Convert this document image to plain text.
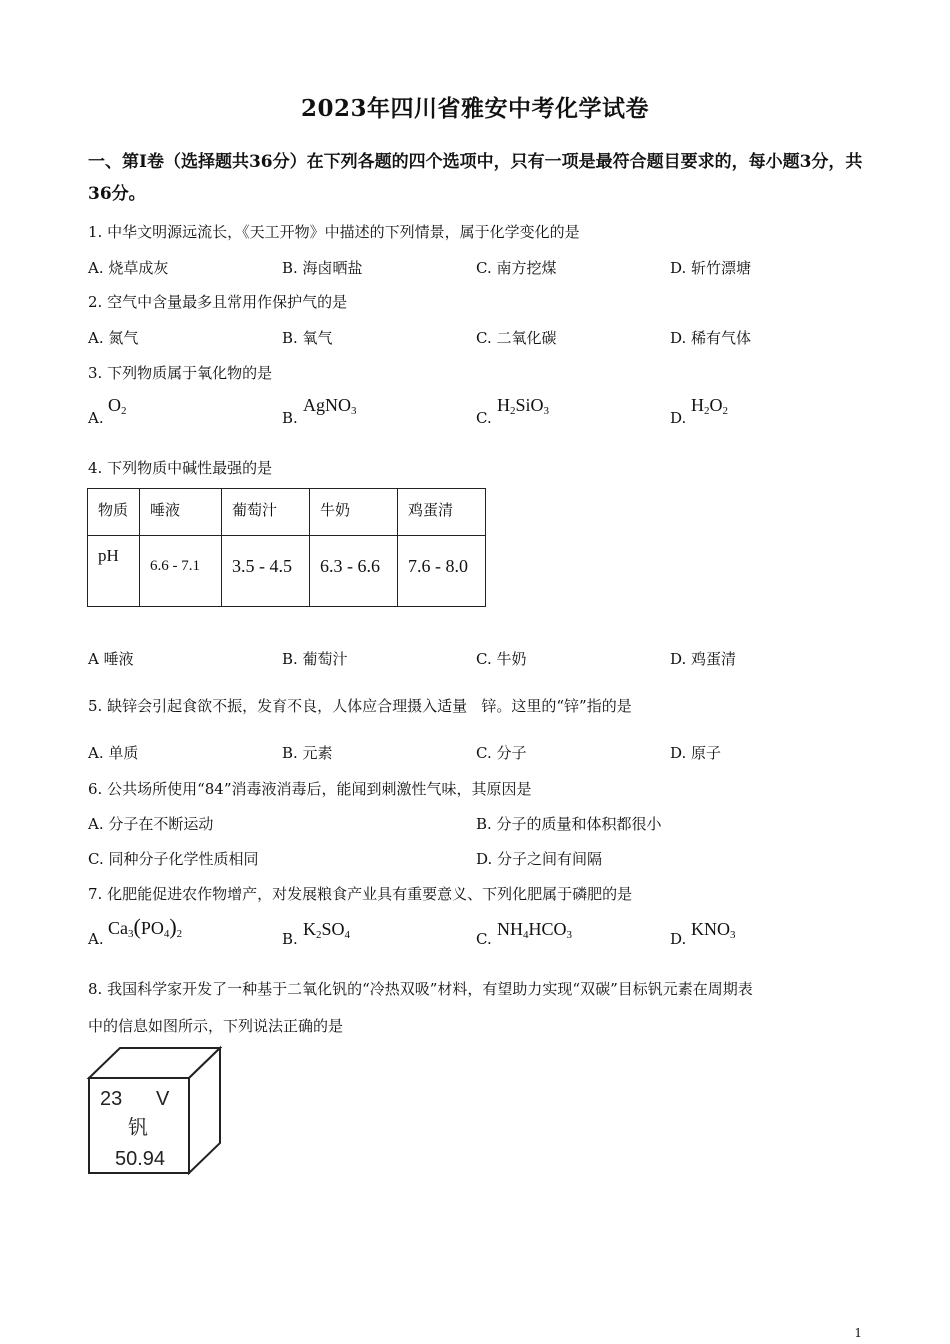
2023年四川省雅安中考化学试卷
一、第Ⅰ卷（选择题共36分）在下列各题的四个选项中，只有一项是最符合题目要求的，每小题3分，共36分。
1. 中华文明源远流长，《天工开物》中描述的下列情景，属于化学变化的是
A. 烧草成灰	B. 海卤晒盐	C. 南方挖煤	D. 斩竹漂塘
2. 空气中含量最多且常用作保护气的是
A. 氮气	B. 氧气	C. 二氧化碳	D. 稀有气体
3. 下列物质属于氧化物的是
A.
$O_2$	B.
AgNO$_3$	C.
$H_2SiO_3$	D.
$H_2O_2$
4. 下列物质中碱性最强的是
物质	唾液	葡萄汁	牛奶	鸡蛋清
pH	6.6 - 7.1	3.5 - 4.5	6.3 - 6.6	7.6 - 8.0
A 唾液	B. 葡萄汁	C. 牛奶	D. 鸡蛋清
5. 缺锌会引起食欲不振，发育不良，人体应合理摄入适量   锌。这里的“锌”指的是
A. 单质	B. 元素	C. 分子	D. 原子
6. 公共场所使用“84”消毒液消毒后，能闻到刺激性气味，其原因是
A. 分子在不断运动	B. 分子的质量和体积都很小
C. 同种分子化学性质相同	D. 分子之间有间隔
7. 化肥能促进农作物增产，对发展粮食产业具有重要意义、下列化肥属于磷肥的是
A.
$Ca_3(PO_4)_2$	B. $K_2SO_4$	C. $NH_4HCO_3$	D. $KNO_3$
8. 我国科学家开发了一种基于二氧化钒的“冷热双吸”材料，有望助力实现“双碳”目标钒元素在周期表
中的信息如图所示，下列说法正确的是
23 V
钒
50.94
1
